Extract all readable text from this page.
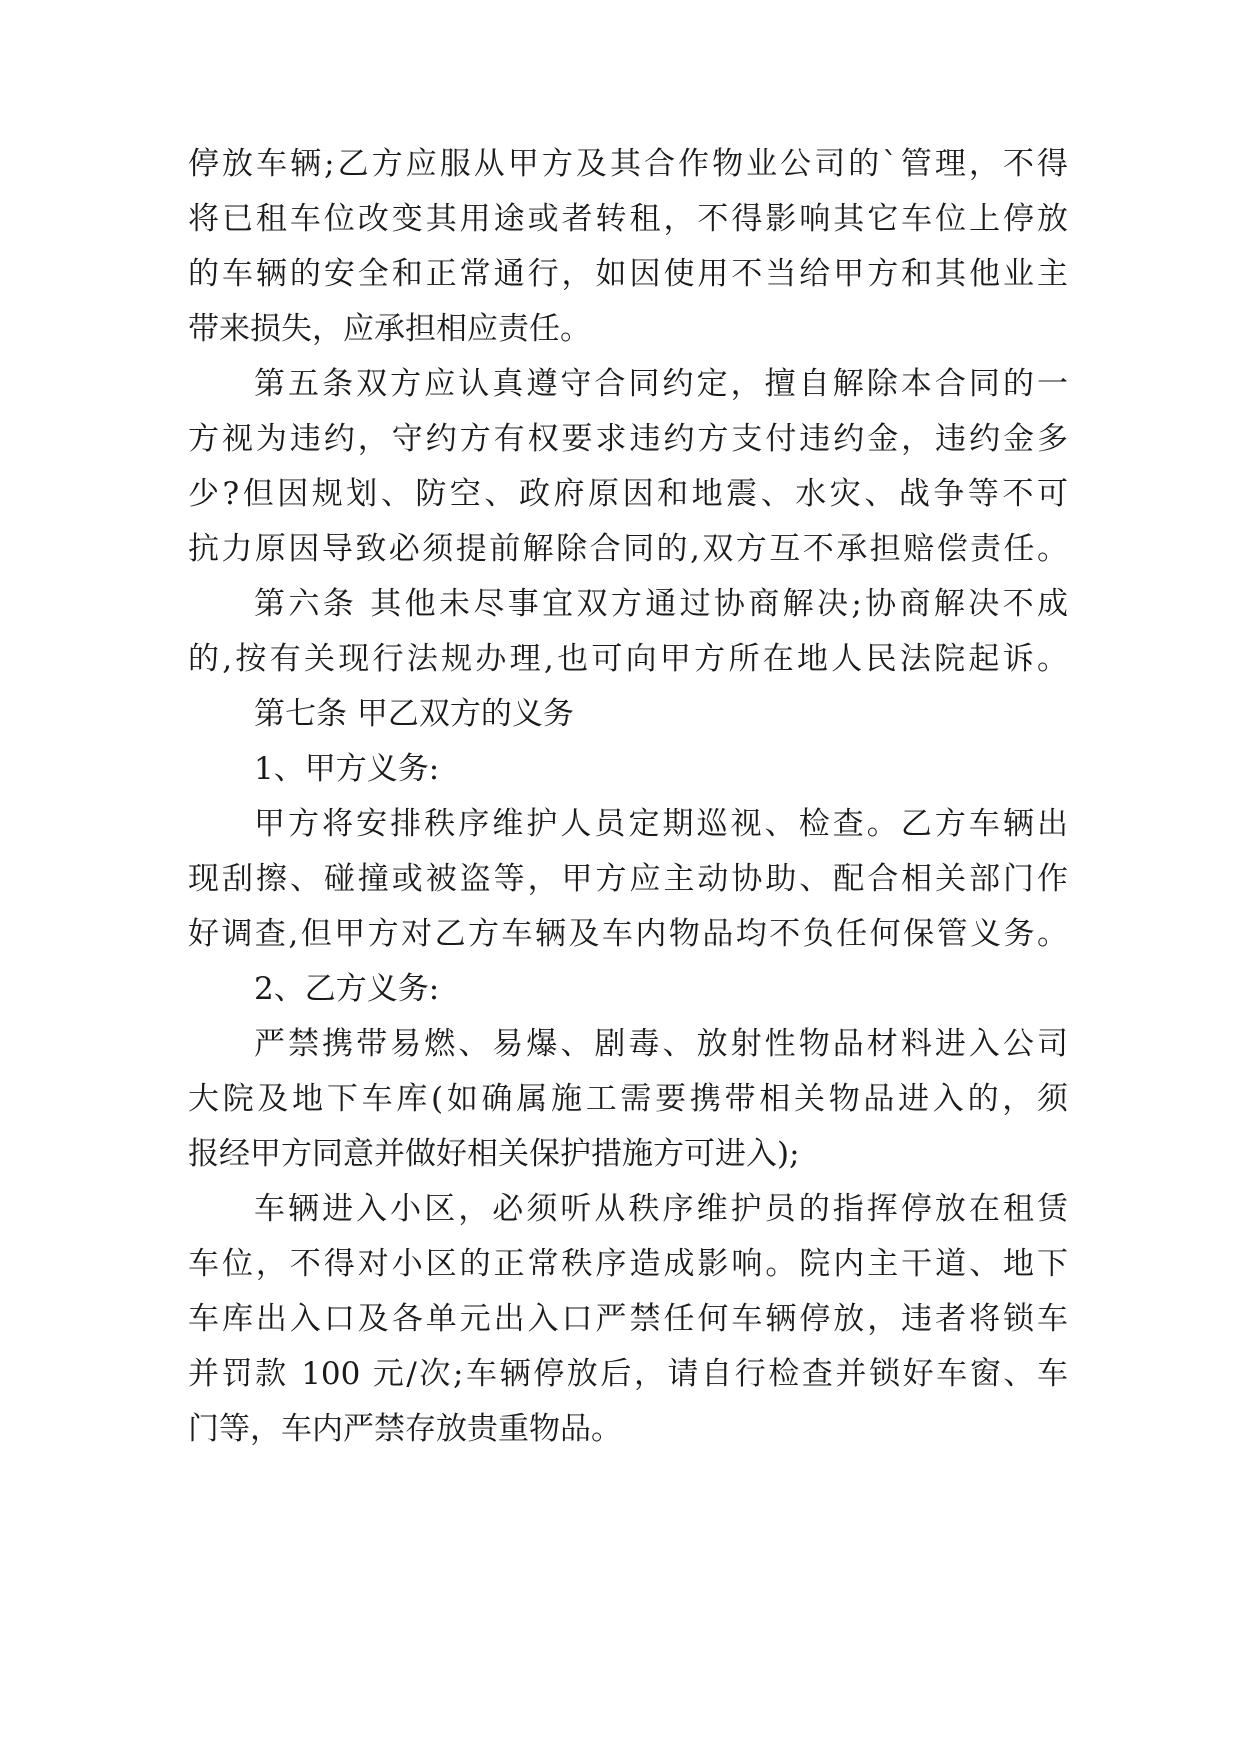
停放车辆;乙方应服从甲方及其合作物业公司的`管理，不得
将已租车位改变其用途或者转租，不得影响其它车位上停放
的车辆的安全和正常通行，如因使用不当给甲方和其他业主
带来损失，应承担相应责任。
第五条双方应认真遵守合同约定，擅自解除本合同的一
方视为违约，守约方有权要求违约方支付违约金，违约金多
少?但因规划、防空、政府原因和地震、水灾、战争等不可
抗力原因导致必须提前解除合同的,双方互不承担赔偿责任。
第六条 其他未尽事宜双方通过协商解决;协商解决不成
的,按有关现行法规办理,也可向甲方所在地人民法院起诉。
第七条 甲乙双方的义务
1、甲方义务:
甲方将安排秩序维护人员定期巡视、检查。乙方车辆出
现刮擦、碰撞或被盗等，甲方应主动协助、配合相关部门作
好调查,但甲方对乙方车辆及车内物品均不负任何保管义务。
2、乙方义务:
严禁携带易燃、易爆、剧毒、放射性物品材料进入公司
大院及地下车库(如确属施工需要携带相关物品进入的，须
报经甲方同意并做好相关保护措施方可进入);
车辆进入小区，必须听从秩序维护员的指挥停放在租赁
车位，不得对小区的正常秩序造成影响。院内主干道、地下
车库出入口及各单元出入口严禁任何车辆停放，违者将锁车
并罚款 100 元/次;车辆停放后，请自行检查并锁好车窗、车
门等，车内严禁存放贵重物品。
